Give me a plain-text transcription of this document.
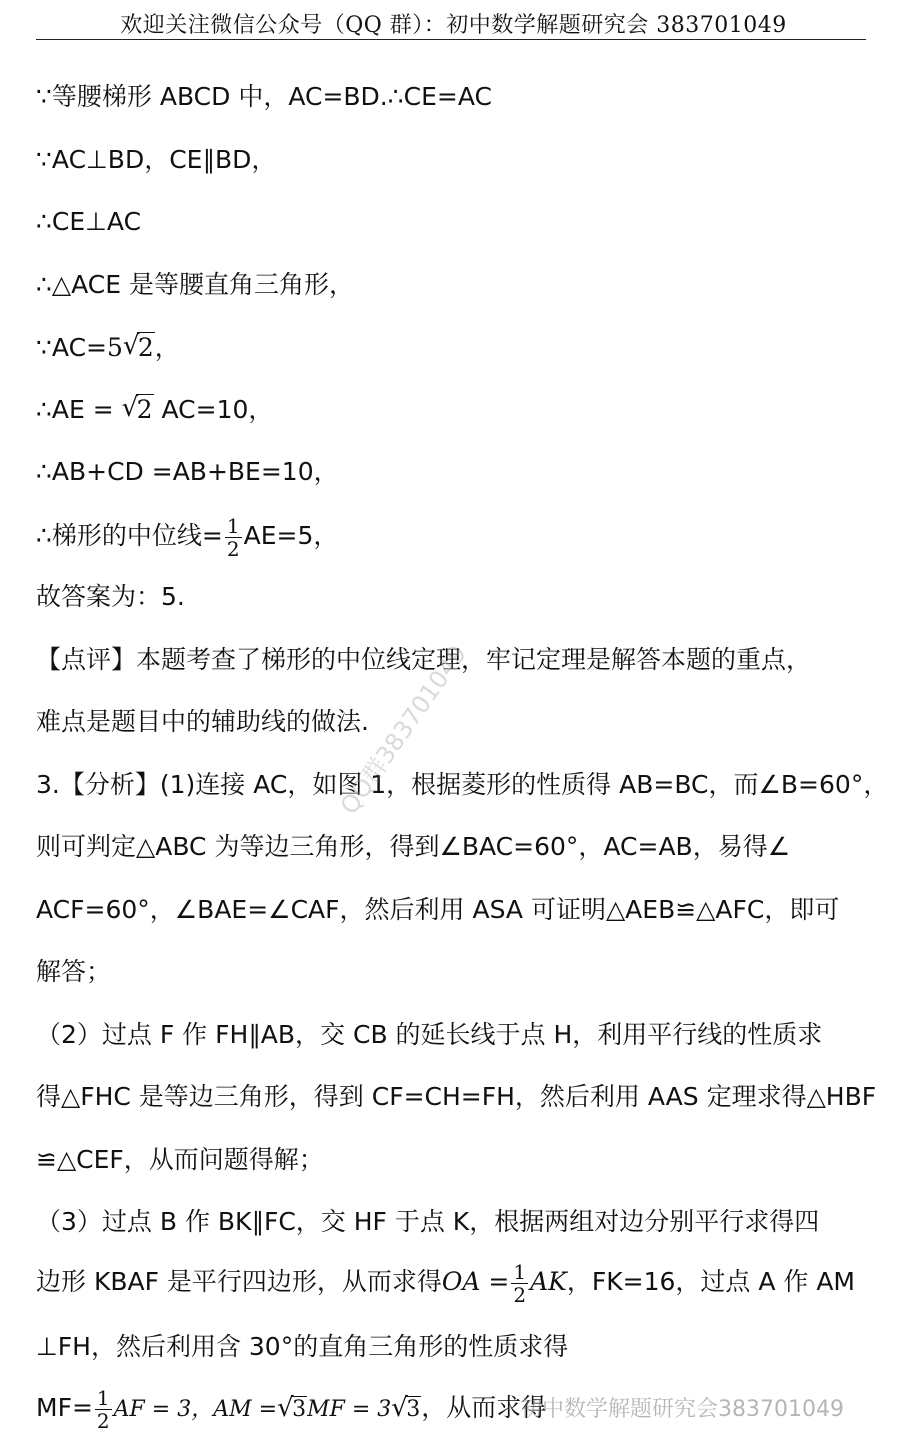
欢迎关注微信公众号（QQ 群）：初中数学解题研究会 383701049
∵等腰梯形 ABCD 中，AC=BD.∴CE=AC
∵AC⊥BD，CE∥BD，
∴CE⊥AC
∴△ACE 是等腰直角三角形，
∵AC=5 √
2，
∴AE = √
2 AC=10，
∴AB+CD =AB+BE=10，
∴梯形的中位线= $\frac{1}{2} AE=5$，
故答案为：5.
【点评】本题考查了梯形的中位线定理，牢记定理是解答本题的重点，
难点是题目中的辅助线的做法.
3.【分析】(1)连接 AC，如图 1，根据菱形的性质得 AB=BC，而∠B=60°，
则可判定△ABC 为等边三角形，得到∠BAC=60°，AC=AB，易得∠
ACF=60°，∠BAE=∠CAF，然后利用 ASA 可证明△AEB≌△AFC，即可
解答；
（2）过点 F 作 FH∥AB，交 CB 的延长线于点 H，利用平行线的性质求
得△FHC 是等边三角形，得到 CF=CH=FH，然后利用 AAS 定理求得△HBF
≌△CEF，从而问题得解；
（3）过点 B 作 BK∥FC，交 HF 于点 K，根据两组对边分别平行求得四
边形 KBAF 是平行四边形，从而求得OA = $\frac{1}{2}$ AK，FK=16，过点 A 作 AM
⊥FH，然后利用含 30°的直角三角形的性质求得
$MF= \frac{1}{2}$ AF = 3，AM = √
3MF = 3 √
3，从而求得
QQ群383701049
初中数学解题研究会383701049
